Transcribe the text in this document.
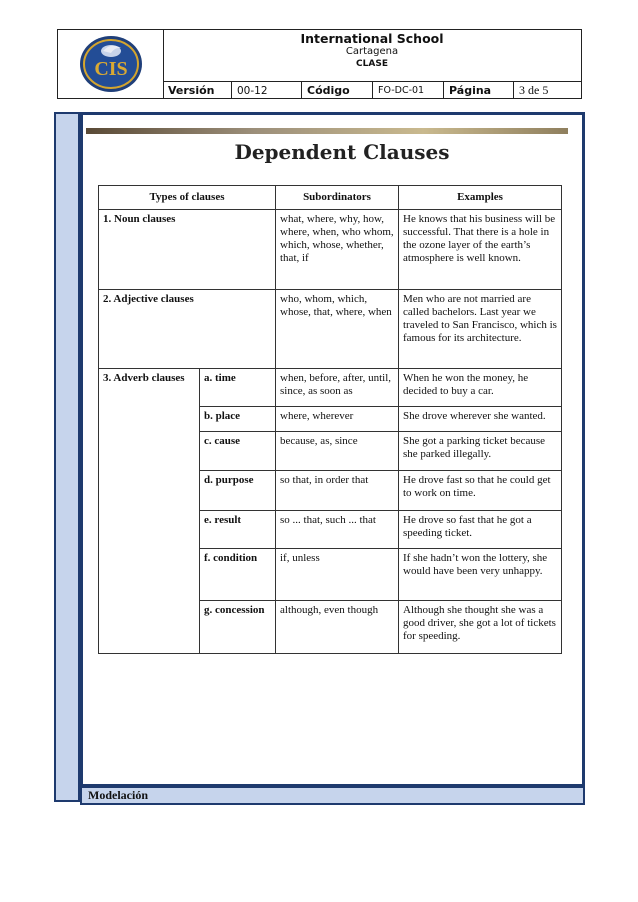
CIS
International School
Cartagena
CLASE
Versión	00-12	Código	FO-DC-01	Página	3 de 5
Modelación
Dependent Clauses
Types of clauses		Subordinators	Examples
1. Noun clauses		what, where, why, how, where, when, who whom, which, whose, whether, that, if	He knows that his business will be successful. That there is a hole in the ozone layer of the earth’s atmosphere is well known.
2. Adjective clauses		who, whom, which, whose, that, where, when	Men who are not married are called bachelors. Last year we traveled to San Francisco, which is famous for its architecture.
3. Adverb clauses	a. time	when, before, after, until, since, as soon as	When he won the money, he decided to buy a car.
	b. place	where, wherever	She drove wherever she wanted.
	c. cause	because, as, since	She got a parking ticket because she parked illegally.
	d. purpose	so that, in order that	He drove fast so that he could get to work on time.
	e. result	so ... that, such ... that	He drove so fast that he got a speeding ticket.
	f. condition	if, unless	If she hadn’t won the lottery, she would have been very unhappy.
	g. concession	although, even though	Although she thought she was a good driver, she got a lot of tickets for speeding.
